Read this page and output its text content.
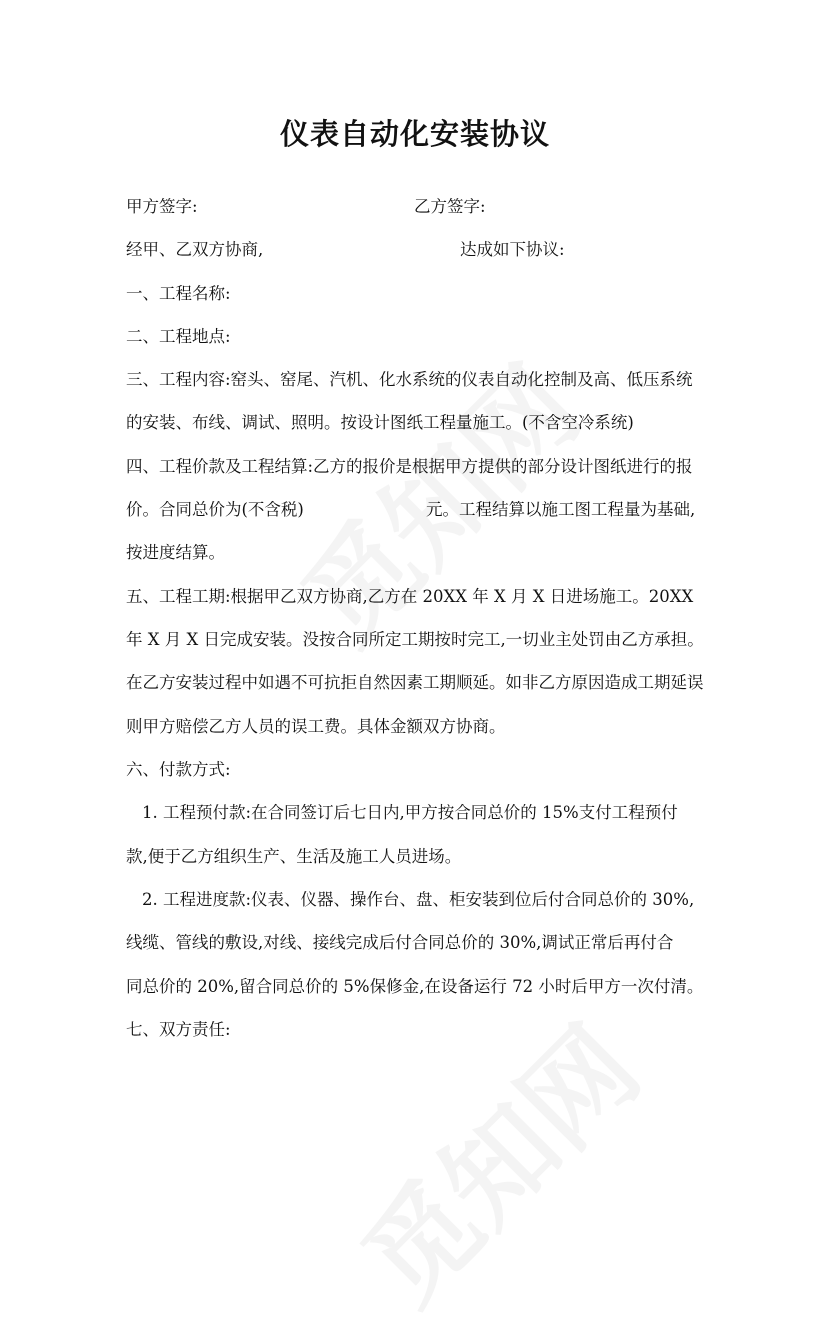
仪表自动化安装协议

甲方签字:	乙方签字:

经甲、乙双方协商,	达成如下协议:

一、工程名称:

二、工程地点:

三、工程内容:窑头、窑尾、汽机、化水系统的仪表自动化控制及高、低压系统

的安装、布线、调试、照明。按设计图纸工程量施工。(不含空冷系统)

四、工程价款及工程结算:乙方的报价是根据甲方提供的部分设计图纸进行的报

价。合同总价为(不含税)	元。工程结算以施工图工程量为基础,

按进度结算。

五、工程工期:根据甲乙双方协商,乙方在 20XX 年 X 月 X 日进场施工。20XX

年 X 月 X 日完成安装。没按合同所定工期按时完工,一切业主处罚由乙方承担。

在乙方安装过程中如遇不可抗拒自然因素工期顺延。如非乙方原因造成工期延误

则甲方赔偿乙方人员的误工费。具体金额双方协商。

六、付款方式:

1. 工程预付款:在合同签订后七日内,甲方按合同总价的 15%支付工程预付

款,便于乙方组织生产、生活及施工人员进场。

2. 工程进度款:仪表、仪器、操作台、盘、柜安装到位后付合同总价的 30%,

线缆、管线的敷设,对线、接线完成后付合同总价的 30%,调试正常后再付合

同总价的 20%,留合同总价的 5%保修金,在设备运行 72 小时后甲方一次付清。

七、双方责任:
